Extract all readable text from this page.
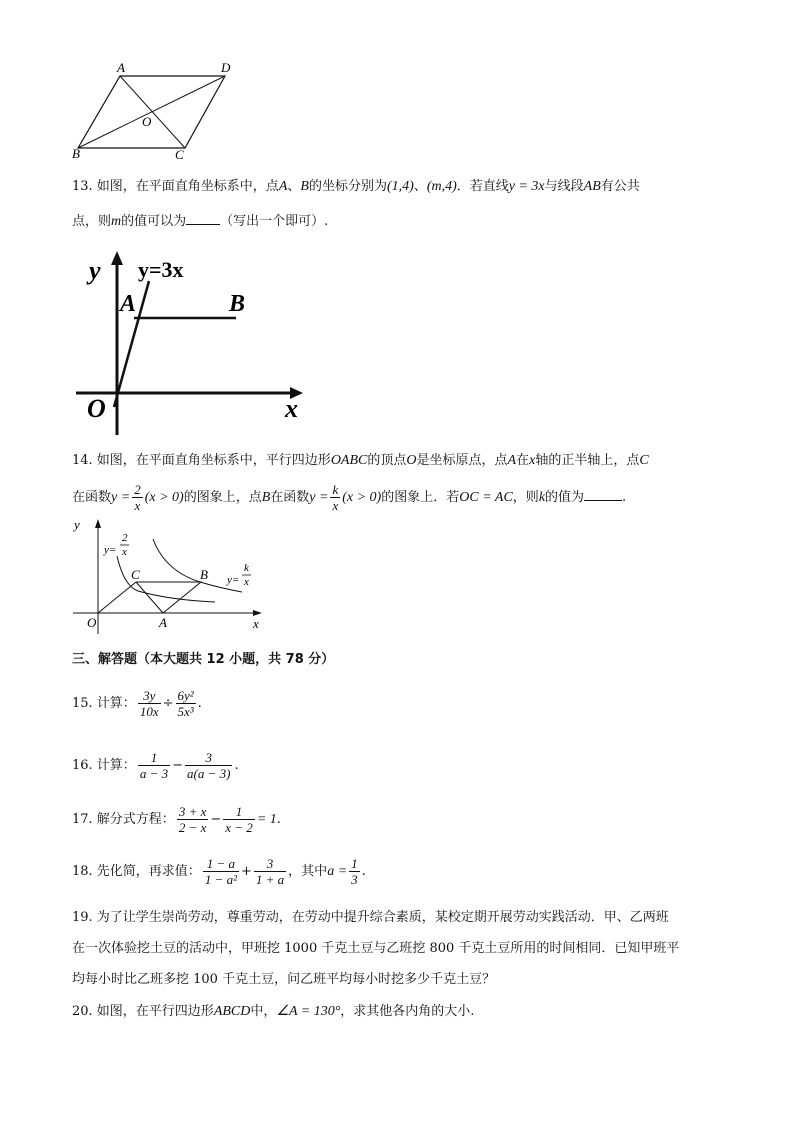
A	D
B	C
O
13. 如图，在平面直角坐标系中，点A、B的坐标分别为(1,4)、(m,4)．若直线y = 3x与线段AB有公共
点，则m的值可以为	（写出一个即可）.
y
x
O
A	B
y=3x
14. 如图，在平面直角坐标系中，平行四边形OABC的顶点O是坐标原点，点A在x轴的正半轴上，点C
在函数$y = \frac{2}{x} (x > 0)$的图象上，点B在函数$y = \frac{k}{x} (x > 0)$的图象上．若OC = AC，则k的值为	.
y
x
O	A
C	B
y=
2
x
y=
k
x
三、解答题（本大题共 12 小题，共 78 分）
15. 计算： $\frac{3y}{10x} \div \frac{\text{6y²}}{\text{5x³}}$ .
16. 计算： $\frac{1}{a - 3} - \frac{3}{a(a - 3)}$ .
17. 解分式方程： $\frac{3 + x}{2 - x} - \frac{1}{x - 2} = 1$.
18. 先化简，再求值： $\frac{1 - a}{\text{1 − a²}} + \frac{3}{1 + a}$ ，其中$a = \frac{1}{3}$ .
19. 为了让学生崇尚劳动，尊重劳动，在劳动中提升综合素质，某校定期开展劳动实践活动．甲、乙两班
在一次体验挖土豆的活动中，甲班挖 1000 千克土豆与乙班挖 800 千克土豆所用的时间相同．已知甲班平
均每小时比乙班多挖 100 千克土豆，问乙班平均每小时挖多少千克土豆？
20. 如图，在平行四边形ABCD中，∠A = 130°，求其他各内角的大小.
